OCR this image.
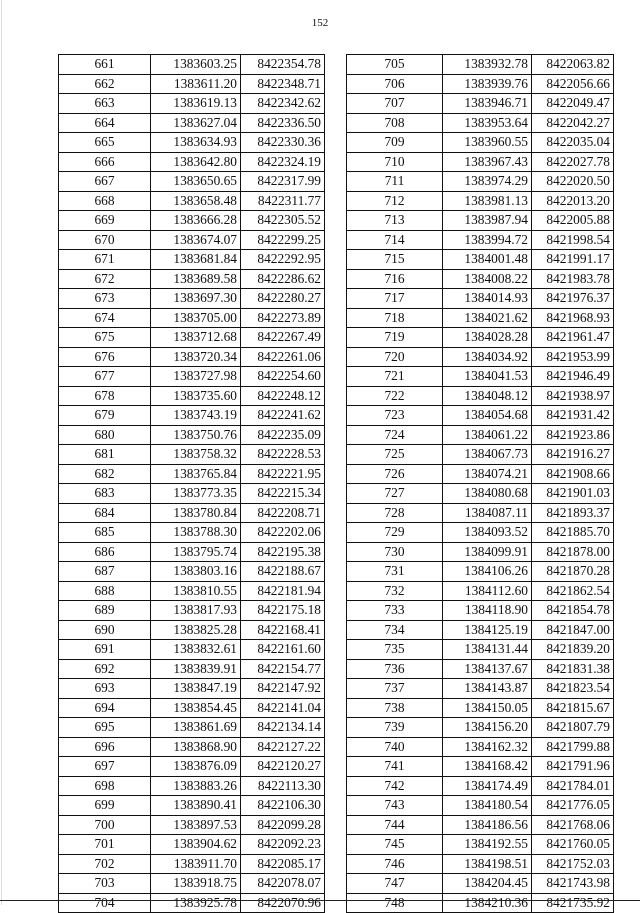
152
661	1383603.25	8422354.78
662	1383611.20	8422348.71
663	1383619.13	8422342.62
664	1383627.04	8422336.50
665	1383634.93	8422330.36
666	1383642.80	8422324.19
667	1383650.65	8422317.99
668	1383658.48	8422311.77
669	1383666.28	8422305.52
670	1383674.07	8422299.25
671	1383681.84	8422292.95
672	1383689.58	8422286.62
673	1383697.30	8422280.27
674	1383705.00	8422273.89
675	1383712.68	8422267.49
676	1383720.34	8422261.06
677	1383727.98	8422254.60
678	1383735.60	8422248.12
679	1383743.19	8422241.62
680	1383750.76	8422235.09
681	1383758.32	8422228.53
682	1383765.84	8422221.95
683	1383773.35	8422215.34
684	1383780.84	8422208.71
685	1383788.30	8422202.06
686	1383795.74	8422195.38
687	1383803.16	8422188.67
688	1383810.55	8422181.94
689	1383817.93	8422175.18
690	1383825.28	8422168.41
691	1383832.61	8422161.60
692	1383839.91	8422154.77
693	1383847.19	8422147.92
694	1383854.45	8422141.04
695	1383861.69	8422134.14
696	1383868.90	8422127.22
697	1383876.09	8422120.27
698	1383883.26	8422113.30
699	1383890.41	8422106.30
700	1383897.53	8422099.28
701	1383904.62	8422092.23
702	1383911.70	8422085.17
703	1383918.75	8422078.07
704	1383925.78	8422070.96
705	1383932.78	8422063.82
706	1383939.76	8422056.66
707	1383946.71	8422049.47
708	1383953.64	8422042.27
709	1383960.55	8422035.04
710	1383967.43	8422027.78
711	1383974.29	8422020.50
712	1383981.13	8422013.20
713	1383987.94	8422005.88
714	1383994.72	8421998.54
715	1384001.48	8421991.17
716	1384008.22	8421983.78
717	1384014.93	8421976.37
718	1384021.62	8421968.93
719	1384028.28	8421961.47
720	1384034.92	8421953.99
721	1384041.53	8421946.49
722	1384048.12	8421938.97
723	1384054.68	8421931.42
724	1384061.22	8421923.86
725	1384067.73	8421916.27
726	1384074.21	8421908.66
727	1384080.68	8421901.03
728	1384087.11	8421893.37
729	1384093.52	8421885.70
730	1384099.91	8421878.00
731	1384106.26	8421870.28
732	1384112.60	8421862.54
733	1384118.90	8421854.78
734	1384125.19	8421847.00
735	1384131.44	8421839.20
736	1384137.67	8421831.38
737	1384143.87	8421823.54
738	1384150.05	8421815.67
739	1384156.20	8421807.79
740	1384162.32	8421799.88
741	1384168.42	8421791.96
742	1384174.49	8421784.01
743	1384180.54	8421776.05
744	1384186.56	8421768.06
745	1384192.55	8421760.05
746	1384198.51	8421752.03
747	1384204.45	8421743.98
748	1384210.36	8421735.92
